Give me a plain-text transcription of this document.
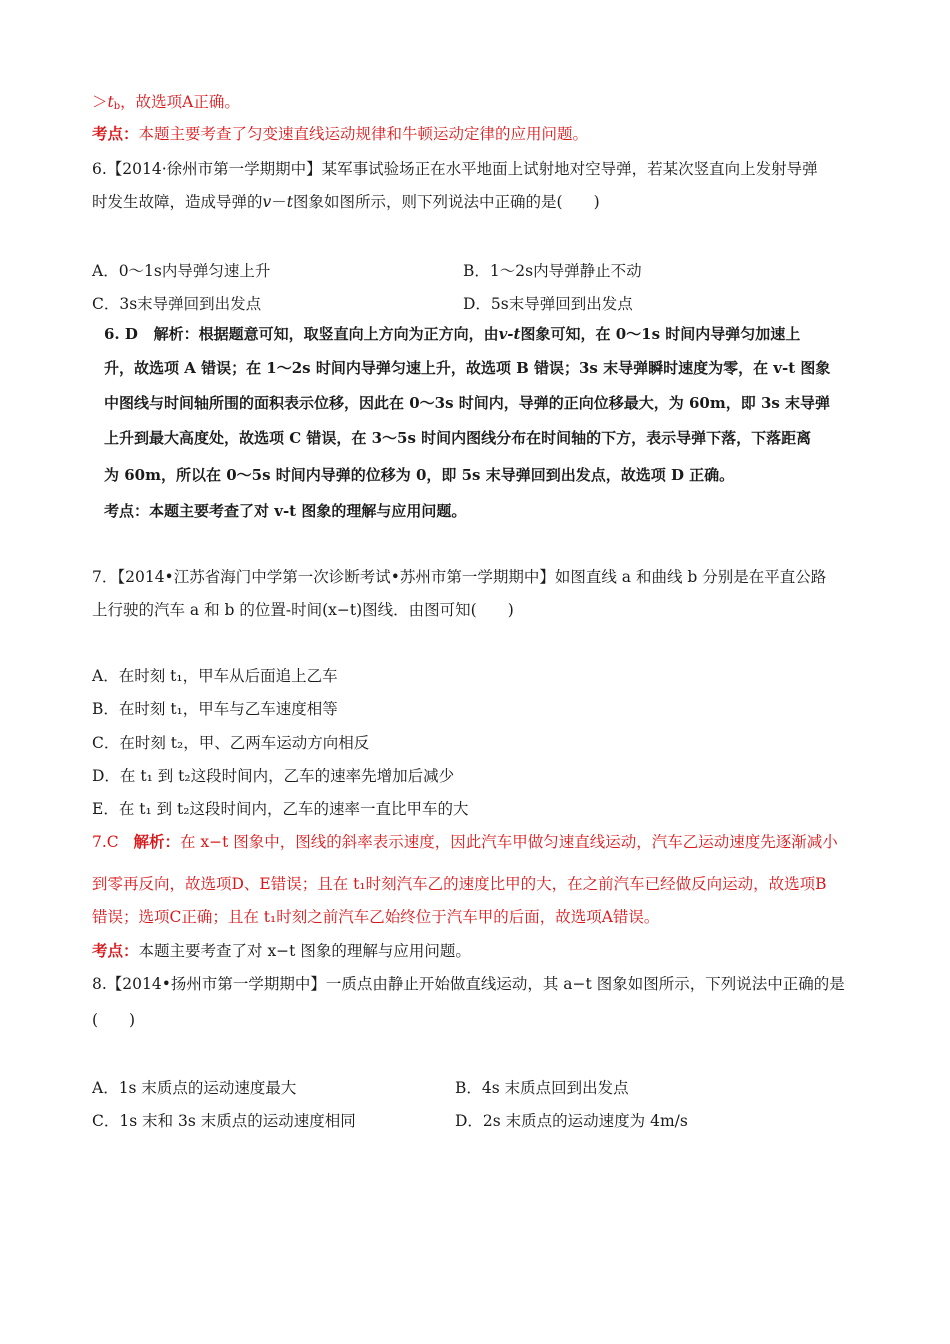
$>t_b$，故选项A正确。
考点：本题主要考查了匀变速直线运动规律和牛顿运动定律的应用问题。
6.【2014·徐州市第一学期期中】某军事试验场正在水平地面上试射地对空导弹，若某次竖直向上发射导弹
时发生故障，造成导弹的v－t图象如图所示，则下列说法中正确的是(　　)
A．0～1s内导弹匀速上升	B．1～2s内导弹静止不动
C．3s末导弹回到出发点	D．5s末导弹回到出发点
6. D 解析：根据题意可知，取竖直向上方向为正方向，由v-t图象可知，在 0～1s 时间内导弹匀加速上
升，故选项 A 错误；在 1～2s 时间内导弹匀速上升，故选项 B 错误；3s 末导弹瞬时速度为零，在 v-t 图象
中图线与时间轴所围的面积表示位移，因此在 0～3s 时间内，导弹的正向位移最大，为 60m，即 3s 末导弹
上升到最大高度处，故选项 C 错误，在 3～5s 时间内图线分布在时间轴的下方，表示导弹下落，下落距离
为 60m，所以在 0～5s 时间内导弹的位移为 0，即 5s 末导弹回到出发点，故选项 D 正确。
考点：本题主要考查了对 v-t 图象的理解与应用问题。
7．【2014•江苏省海门中学第一次诊断考试•苏州市第一学期期中】如图直线 a 和曲线 b 分别是在平直公路
上行驶的汽车 a 和 b 的位置-时间(x−t)图线．由图可知(　　)
A．在时刻 t₁，甲车从后面追上乙车
B．在时刻 t₁，甲车与乙车速度相等
C．在时刻 t₂，甲、乙两车运动方向相反
D．在 t₁ 到 t₂这段时间内，乙车的速率先增加后减少
E．在 t₁ 到 t₂这段时间内，乙车的速率一直比甲车的大
7.C 解析：在 x−t 图象中，图线的斜率表示速度，因此汽车甲做匀速直线运动，汽车乙运动速度先逐渐减小
到零再反向，故选项D、E错误；且在 t₁时刻汽车乙的速度比甲的大，在之前汽车已经做反向运动，故选项B
错误；选项C正确；且在 t₁时刻之前汽车乙始终位于汽车甲的后面，故选项A错误。
考点：本题主要考查了对 x−t 图象的理解与应用问题。
8.【2014•扬州市第一学期期中】一质点由静止开始做直线运动，其 a−t 图象如图所示，下列说法中正确的是
(　　)
A．1s 末质点的运动速度最大	B．4s 末质点回到出发点
C．1s 末和 3s 末质点的运动速度相同	D．2s 末质点的运动速度为 4m/s
